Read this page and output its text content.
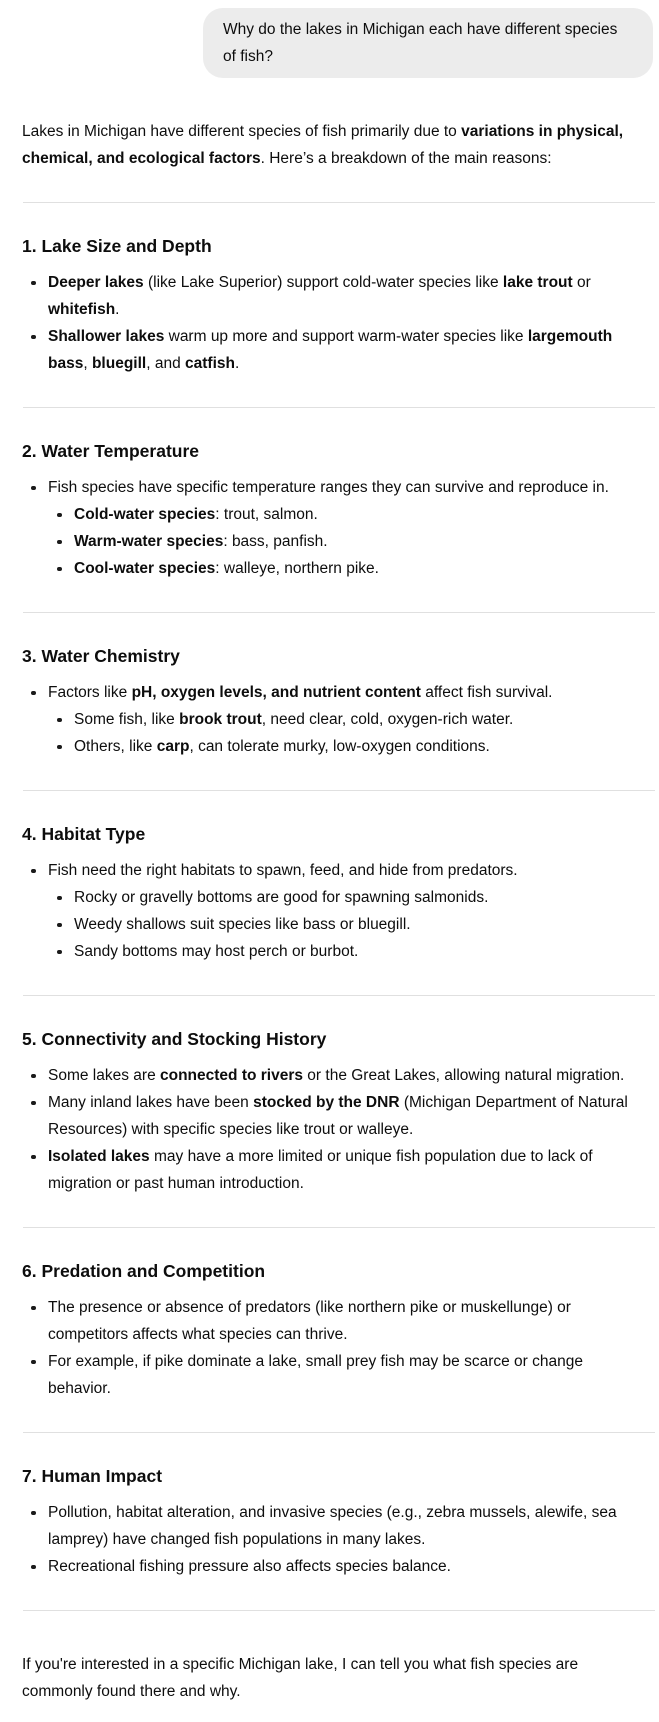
Why do the lakes in Michigan each have different species of fish?

Lakes in Michigan have different species of fish primarily due to variations in physical, chemical, and ecological factors. Here’s a breakdown of the main reasons:

1. Lake Size and Depth
Deeper lakes (like Lake Superior) support cold-water species like lake trout or whitefish.
Shallower lakes warm up more and support warm-water species like largemouth bass, bluegill, and catfish.
2. Water Temperature
Fish species have specific temperature ranges they can survive and reproduce in.
Cold-water species: trout, salmon.
Warm-water species: bass, panfish.
Cool-water species: walleye, northern pike.
3. Water Chemistry
Factors like pH, oxygen levels, and nutrient content affect fish survival.
Some fish, like brook trout, need clear, cold, oxygen-rich water.
Others, like carp, can tolerate murky, low-oxygen conditions.
4. Habitat Type
Fish need the right habitats to spawn, feed, and hide from predators.
Rocky or gravelly bottoms are good for spawning salmonids.
Weedy shallows suit species like bass or bluegill.
Sandy bottoms may host perch or burbot.
5. Connectivity and Stocking History
Some lakes are connected to rivers or the Great Lakes, allowing natural migration.
Many inland lakes have been stocked by the DNR (Michigan Department of Natural Resources) with specific species like trout or walleye.
Isolated lakes may have a more limited or unique fish population due to lack of migration or past human introduction.
6. Predation and Competition
The presence or absence of predators (like northern pike or muskellunge) or competitors affects what species can thrive.
For example, if pike dominate a lake, small prey fish may be scarce or change behavior.
7. Human Impact
Pollution, habitat alteration, and invasive species (e.g., zebra mussels, alewife, sea lamprey) have changed fish populations in many lakes.
Recreational fishing pressure also affects species balance.

If you're interested in a specific Michigan lake, I can tell you what fish species are commonly found there and why.
